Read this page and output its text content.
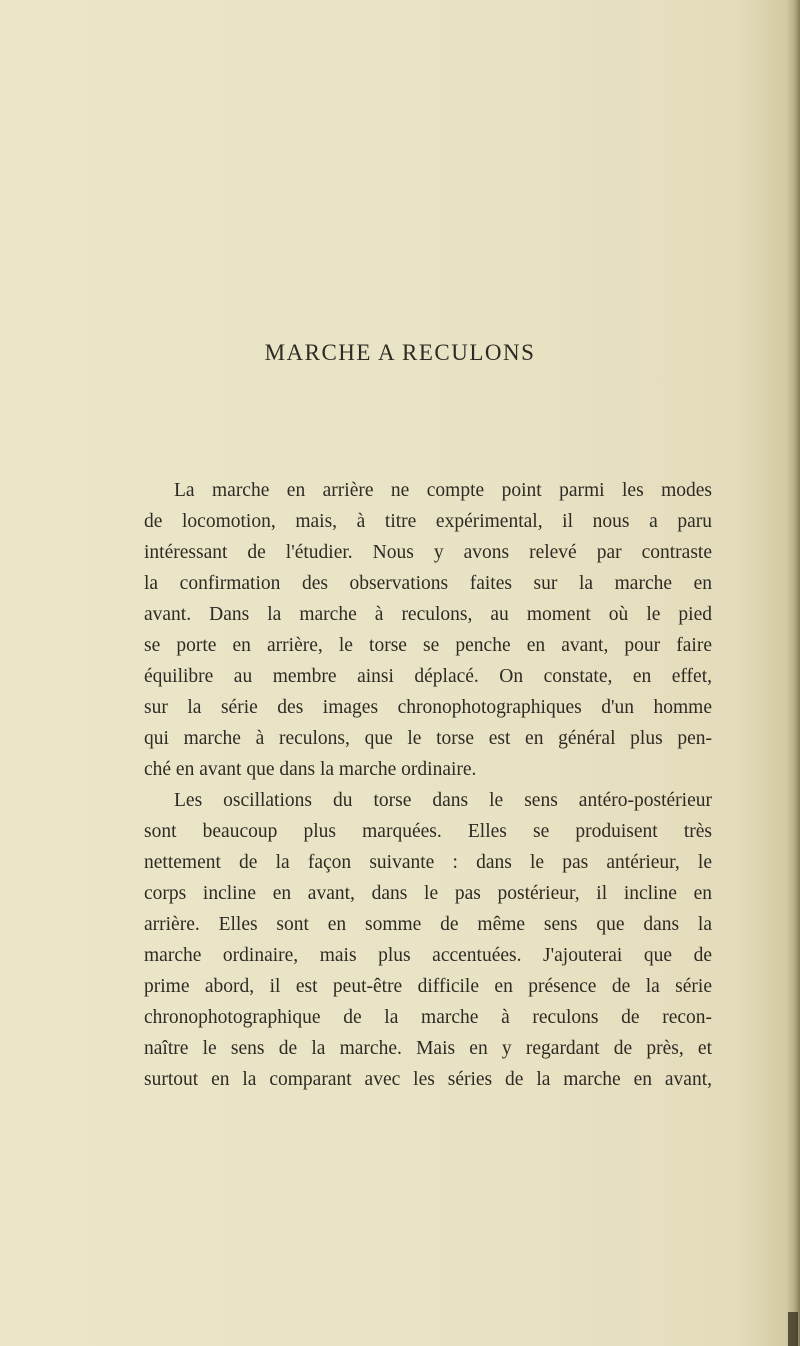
MARCHE A RECULONS
La marche en arrière ne compte point parmi les modes
de locomotion, mais, à titre expérimental, il nous a paru
intéressant de l'étudier. Nous y avons relevé par contraste
la confirmation des observations faites sur la marche en
avant. Dans la marche à reculons, au moment où le pied
se porte en arrière, le torse se penche en avant, pour faire
équilibre au membre ainsi déplacé. On constate, en effet,
sur la série des images chronophotographiques d'un homme
qui marche à reculons, que le torse est en général plus pen-
ché en avant que dans la marche ordinaire.
Les oscillations du torse dans le sens antéro-postérieur
sont beaucoup plus marquées. Elles se produisent très
nettement de la façon suivante : dans le pas antérieur, le
corps incline en avant, dans le pas postérieur, il incline en
arrière. Elles sont en somme de même sens que dans la
marche ordinaire, mais plus accentuées. J'ajouterai que de
prime abord, il est peut-être difficile en présence de la série
chronophotographique de la marche à reculons de recon-
naître le sens de la marche. Mais en y regardant de près, et
surtout en la comparant avec les séries de la marche en avant,
